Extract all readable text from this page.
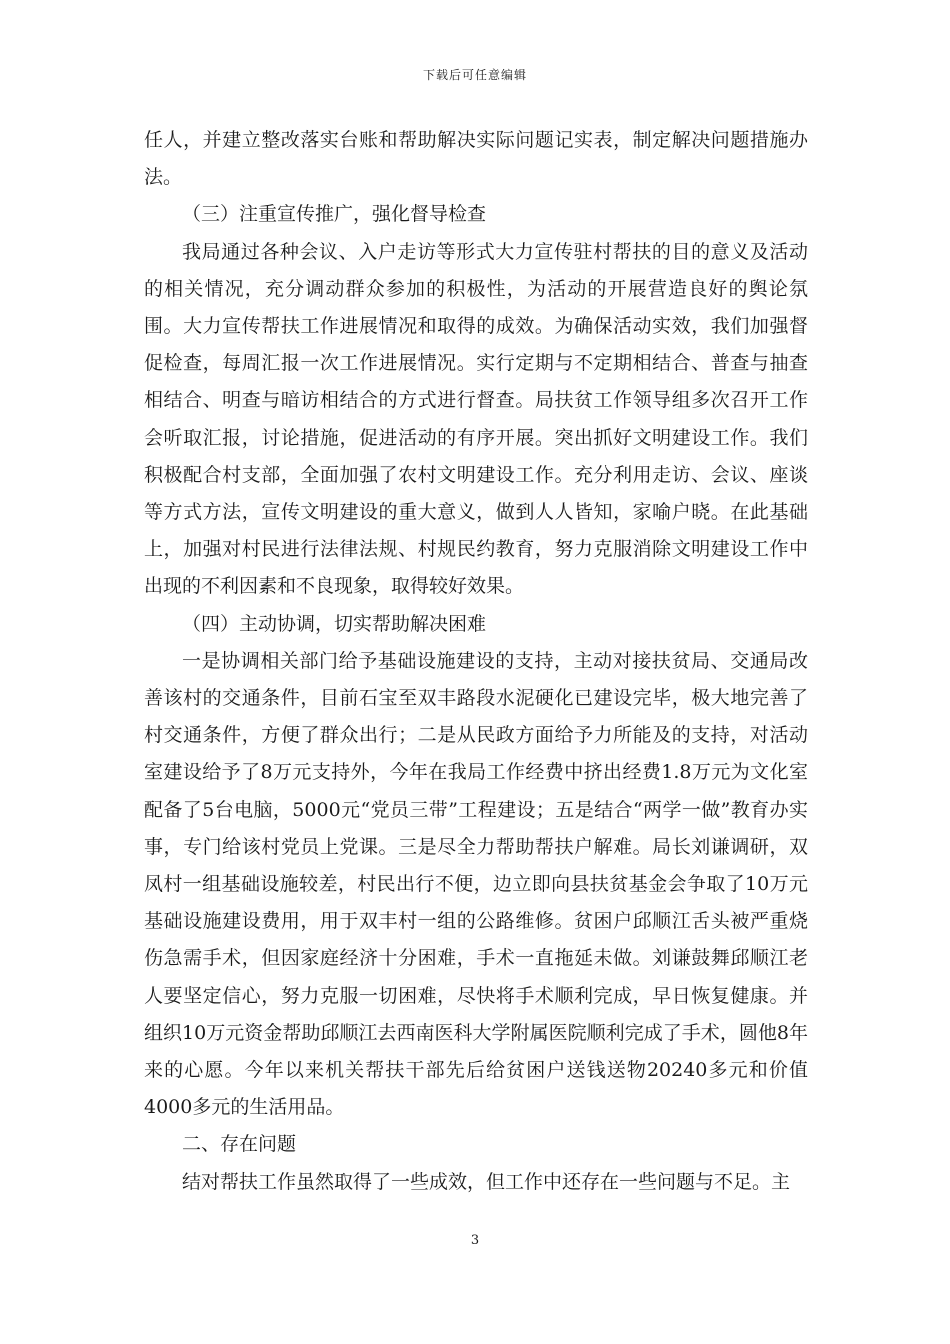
下载后可任意编辑

任人，并建立整改落实台账和帮助解决实际问题记实表，制定解决问题措施办法。

（三）注重宣传推广，强化督导检查

我局通过各种会议、入户走访等形式大力宣传驻村帮扶的目的意义及活动的相关情况，充分调动群众参加的积极性，为活动的开展营造良好的舆论氛围。大力宣传帮扶工作进展情况和取得的成效。为确保活动实效，我们加强督促检查，每周汇报一次工作进展情况。实行定期与不定期相结合、普查与抽查相结合、明查与暗访相结合的方式进行督查。局扶贫工作领导组多次召开工作会听取汇报，讨论措施，促进活动的有序开展。突出抓好文明建设工作。我们积极配合村支部，全面加强了农村文明建设工作。充分利用走访、会议、座谈等方式方法，宣传文明建设的重大意义，做到人人皆知，家喻户晓。在此基础上，加强对村民进行法律法规、村规民约教育，努力克服消除文明建设工作中出现的不利因素和不良现象，取得较好效果。

（四）主动协调，切实帮助解决困难

一是协调相关部门给予基础设施建设的支持，主动对接扶贫局、交通局改善该村的交通条件，目前石宝至双丰路段水泥硬化已建设完毕，极大地完善了村交通条件，方便了群众出行；二是从民政方面给予力所能及的支持，对活动室建设给予了8万元支持外，今年在我局工作经费中挤出经费1.8万元为文化室配备了5台电脑，5000元“党员三带”工程建设；五是结合“两学一做”教育办实事，专门给该村党员上党课。三是尽全力帮助帮扶户解难。局长刘谦调研，双凤村一组基础设施较差，村民出行不便，边立即向县扶贫基金会争取了10万元基础设施建设费用，用于双丰村一组的公路维修。贫困户邱顺江舌头被严重烧伤急需手术，但因家庭经济十分困难，手术一直拖延未做。刘谦鼓舞邱顺江老人要坚定信心，努力克服一切困难，尽快将手术顺利完成，早日恢复健康。并组织10万元资金帮助邱顺江去西南医科大学附属医院顺利完成了手术，圆他8年来的心愿。今年以来机关帮扶干部先后给贫困户送钱送物20240多元和价值4000多元的生活用品。

二、存在问题

结对帮扶工作虽然取得了一些成效，但工作中还存在一些问题与不足。主

3
